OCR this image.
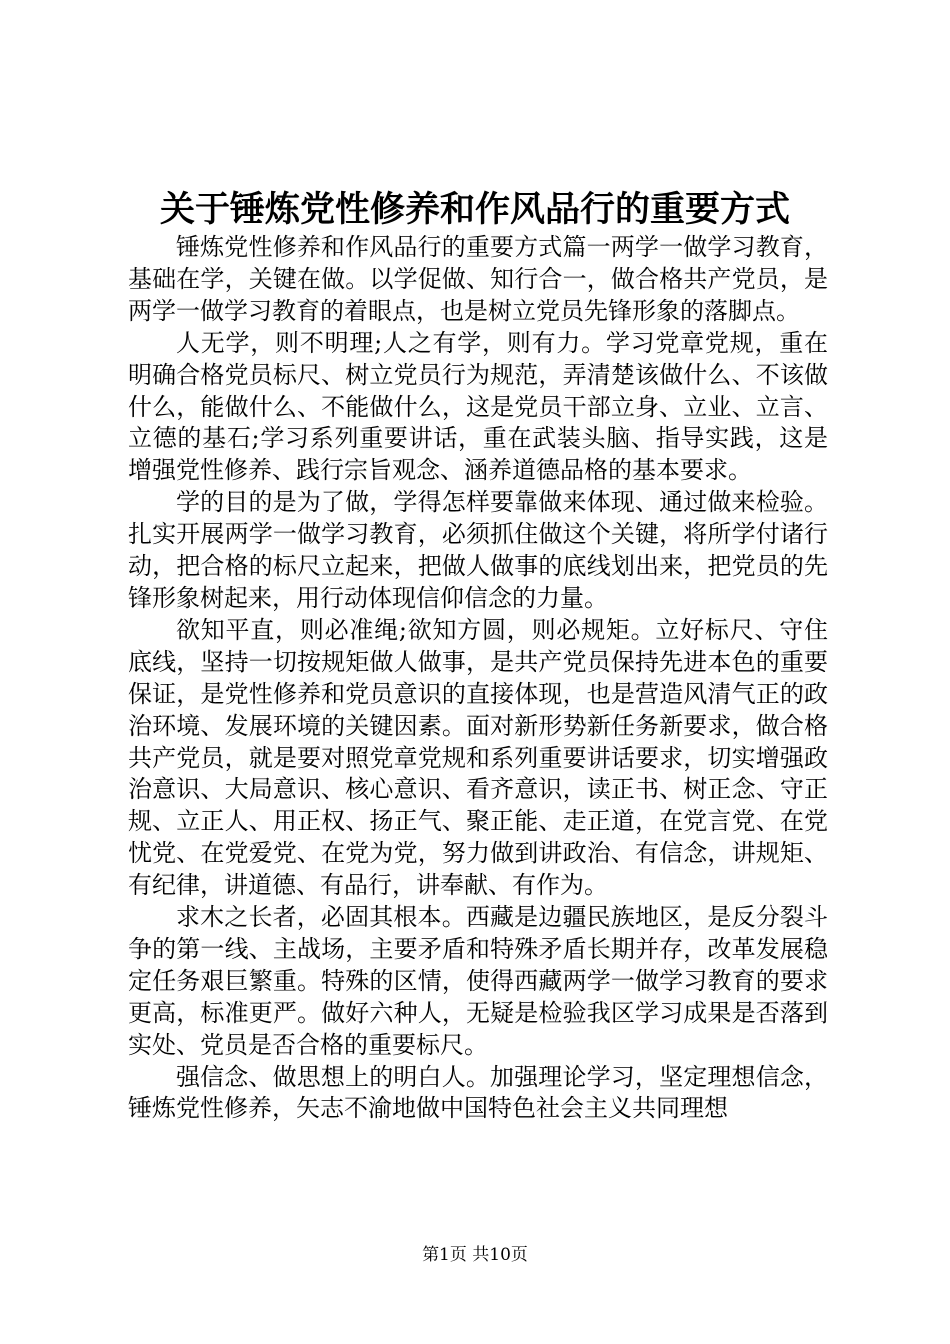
关于锤炼党性修养和作风品行的重要方式

锤炼党性修养和作风品行的重要方式篇一两学一做学习教育，基础在学，关键在做。以学促做、知行合一，做合格共产党员，是两学一做学习教育的着眼点，也是树立党员先锋形象的落脚点。

人无学，则不明理;人之有学，则有力。学习党章党规，重在明确合格党员标尺、树立党员行为规范，弄清楚该做什么、不该做什么，能做什么、不能做什么，这是党员干部立身、立业、立言、立德的基石;学习系列重要讲话，重在武装头脑、指导实践，这是增强党性修养、践行宗旨观念、涵养道德品格的基本要求。

学的目的是为了做，学得怎样要靠做来体现、通过做来检验。扎实开展两学一做学习教育，必须抓住做这个关键，将所学付诸行动，把合格的标尺立起来，把做人做事的底线划出来，把党员的先锋形象树起来，用行动体现信仰信念的力量。

欲知平直，则必准绳;欲知方圆，则必规矩。立好标尺、守住底线，坚持一切按规矩做人做事，是共产党员保持先进本色的重要保证，是党性修养和党员意识的直接体现，也是营造风清气正的政治环境、发展环境的关键因素。面对新形势新任务新要求，做合格共产党员，就是要对照党章党规和系列重要讲话要求，切实增强政治意识、大局意识、核心意识、看齐意识，读正书、树正念、守正规、立正人、用正权、扬正气、聚正能、走正道，在党言党、在党忧党、在党爱党、在党为党，努力做到讲政治、有信念，讲规矩、有纪律，讲道德、有品行，讲奉献、有作为。

求木之长者，必固其根本。西藏是边疆民族地区，是反分裂斗争的第一线、主战场，主要矛盾和特殊矛盾长期并存，改革发展稳定任务艰巨繁重。特殊的区情，使得西藏两学一做学习教育的要求更高，标准更严。做好六种人，无疑是检验我区学习成果是否落到实处、党员是否合格的重要标尺。

强信念、做思想上的明白人。加强理论学习，坚定理想信念，锤炼党性修养，矢志不渝地做中国特色社会主义共同理想

第1页 共10页
